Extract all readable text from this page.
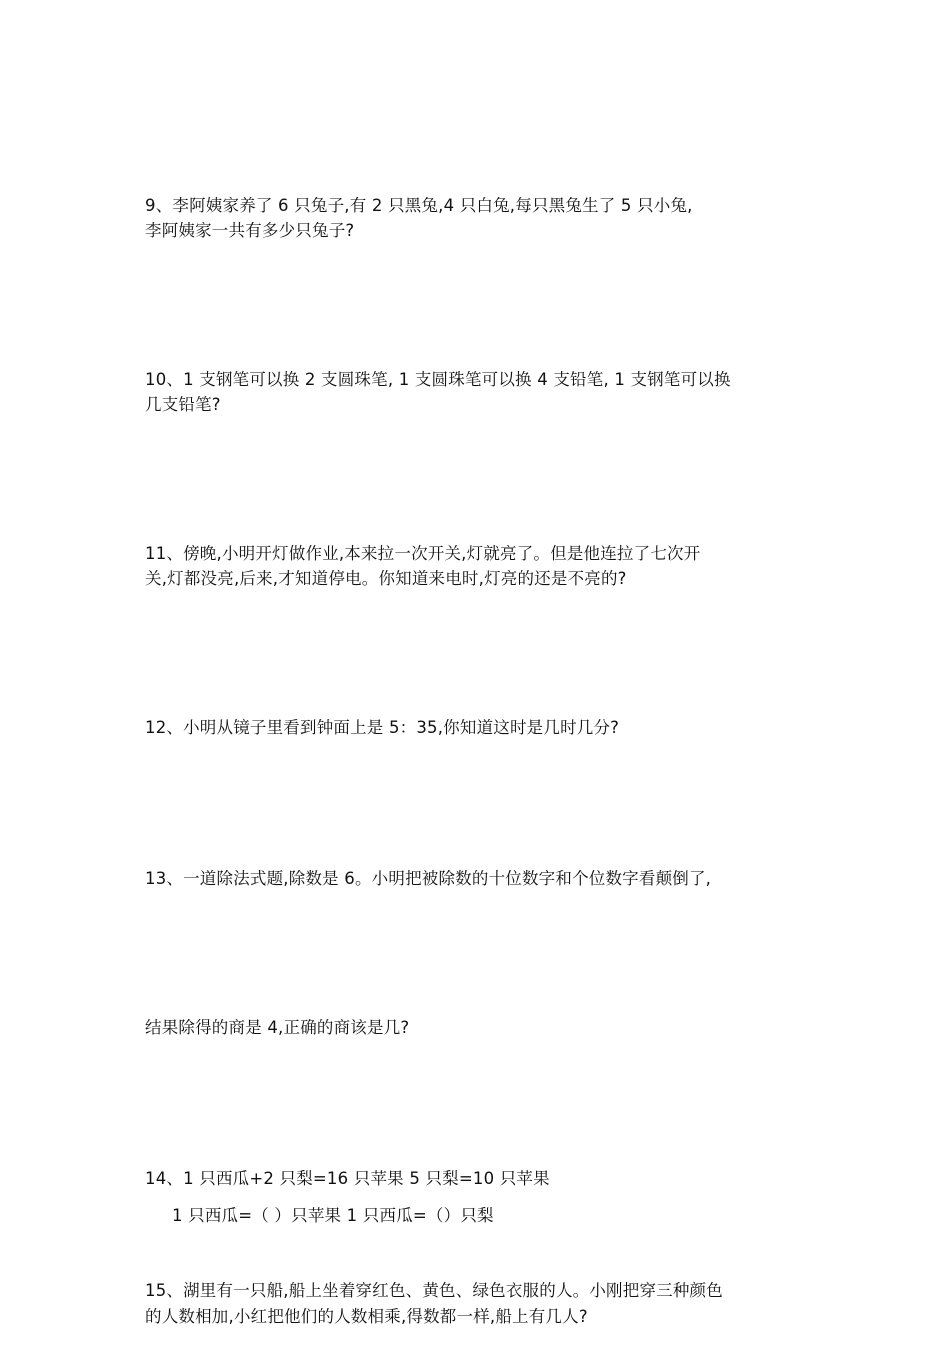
9、李阿姨家养了 6 只兔子,有 2 只黑兔,4 只白兔,每只黑兔生了 5 只小兔,
李阿姨家一共有多少只兔子?
10、1 支钢笔可以换 2 支圆珠笔, 1 支圆珠笔可以换 4 支铅笔, 1 支钢笔可以换
几支铅笔?
11、傍晚,小明开灯做作业,本来拉一次开关,灯就亮了。但是他连拉了七次开
关,灯都没亮,后来,才知道停电。你知道来电时,灯亮的还是不亮的?
12、小明从镜子里看到钟面上是 5：35,你知道这时是几时几分?
13、一道除法式题,除数是 6。小明把被除数的十位数字和个位数字看颠倒了,
结果除得的商是 4,正确的商该是几?
14、1 只西瓜+2 只梨=16 只苹果 5 只梨=10 只苹果
1 只西瓜=（ ）只苹果 1 只西瓜=（）只梨
15、湖里有一只船,船上坐着穿红色、黄色、绿色衣服的人。小刚把穿三种颜色
的人数相加,小红把他们的人数相乘,得数都一样,船上有几人?
